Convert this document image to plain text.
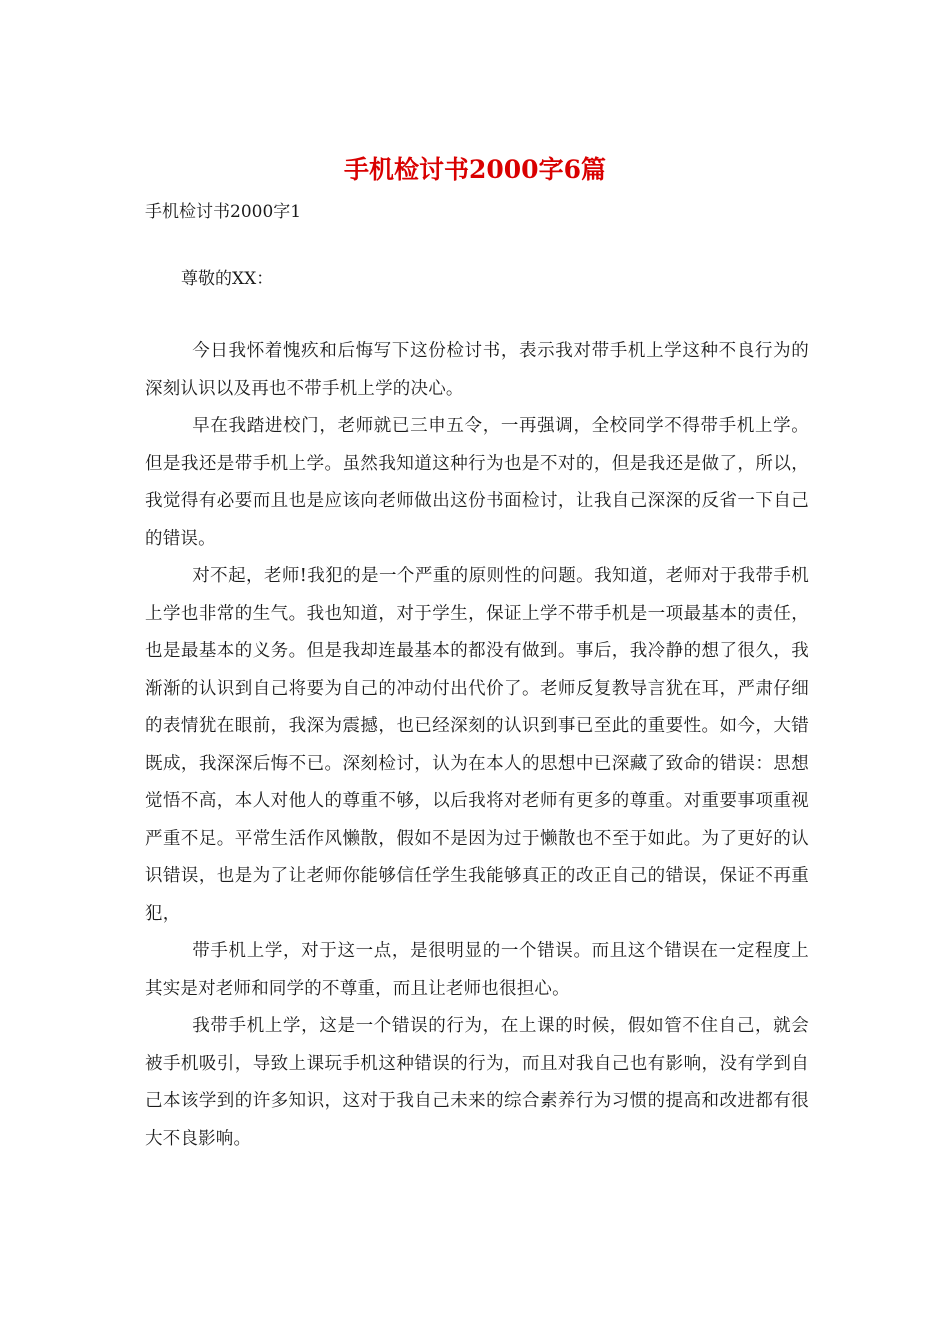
手机检讨书2000字6篇

手机检讨书2000字1

尊敬的XX：

今日我怀着愧疚和后悔写下这份检讨书，表示我对带手机上学这种不良行为的深刻认识以及再也不带手机上学的决心。

早在我踏进校门，老师就已三申五令，一再强调，全校同学不得带手机上学。但是我还是带手机上学。虽然我知道这种行为也是不对的，但是我还是做了，所以，我觉得有必要而且也是应该向老师做出这份书面检讨，让我自己深深的反省一下自己的错误。

对不起，老师!我犯的是一个严重的原则性的问题。我知道，老师对于我带手机上学也非常的生气。我也知道，对于学生，保证上学不带手机是一项最基本的责任，也是最基本的义务。但是我却连最基本的都没有做到。事后，我冷静的想了很久，我渐渐的认识到自己将要为自己的冲动付出代价了。老师反复教导言犹在耳，严肃仔细的表情犹在眼前，我深为震撼，也已经深刻的认识到事已至此的重要性。如今，大错既成，我深深后悔不已。深刻检讨，认为在本人的思想中已深藏了致命的错误：思想觉悟不高，本人对他人的尊重不够，以后我将对老师有更多的尊重。对重要事项重视严重不足。平常生活作风懒散，假如不是因为过于懒散也不至于如此。为了更好的认识错误，也是为了让老师你能够信任学生我能够真正的改正自己的错误，保证不再重犯，

带手机上学，对于这一点，是很明显的一个错误。而且这个错误在一定程度上其实是对老师和同学的不尊重，而且让老师也很担心。

我带手机上学，这是一个错误的行为，在上课的时候，假如管不住自己，就会被手机吸引，导致上课玩手机这种错误的行为，而且对我自己也有影响，没有学到自己本该学到的许多知识，这对于我自己未来的综合素养行为习惯的提高和改进都有很大不良影响。
